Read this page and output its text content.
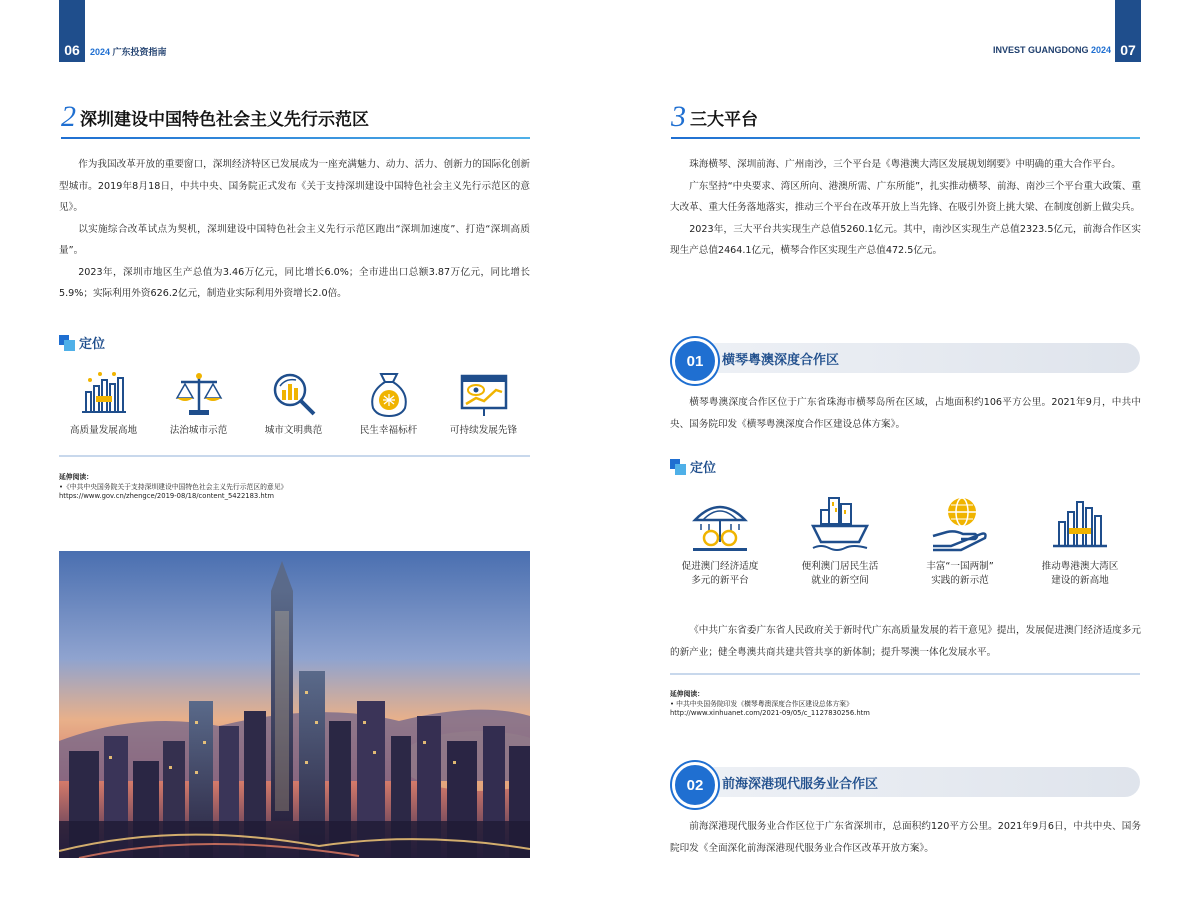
06	2024 广东投资指南	INVEST GUANGDONG 2024 07
2 深圳建设中国特色社会主义先行示范区

作为我国改革开放的重要窗口，深圳经济特区已发展成为一座充满魅力、动力、活力、创新力的国际化创新型城市。2019年8月18日，中共中央、国务院正式发布《关于支持深圳建设中国特色社会主义先行示范区的意见》。

以实施综合改革试点为契机，深圳建设中国特色社会主义先行示范区跑出“深圳加速度”、打造“深圳高质量”。

2023年，深圳市地区生产总值为3.46万亿元，同比增长6.0%；全市进出口总额3.87万亿元，同比增长5.9%；实际利用外资626.2亿元，制造业实际利用外资增长2.0倍。

定位
高质量发展高地	法治城市示范	城市文明典范	民生幸福标杆	可持续发展先锋
延伸阅读：
•《中共中央国务院关于支持深圳建设中国特色社会主义先行示范区的意见》
https://www.gov.cn/zhengce/2019-08/18/content_5422183.htm
3 三大平台

珠海横琴、深圳前海、广州南沙，三个平台是《粤港澳大湾区发展规划纲要》中明确的重大合作平台。

广东坚持“中央要求、湾区所向、港澳所需、广东所能”，扎实推动横琴、前海、南沙三个平台重大政策、重大改革、重大任务落地落实，推动三个平台在改革开放上当先锋、在吸引外资上挑大梁、在制度创新上做尖兵。

2023年，三大平台共实现生产总值5260.1亿元。其中，南沙区实现生产总值2323.5亿元，前海合作区实现生产总值2464.1亿元，横琴合作区实现生产总值472.5亿元。

01	横琴粤澳深度合作区

横琴粤澳深度合作区位于广东省珠海市横琴岛所在区域，占地面积约106平方公里。2021年9月，中共中央、国务院印发《横琴粤澳深度合作区建设总体方案》。

定位
促进澳门经济适度
多元的新平台
便利澳门居民生活
就业的新空间
丰富“一国两制”
实践的新示范
推动粤港澳大湾区
建设的新高地

《中共广东省委广东省人民政府关于新时代广东高质量发展的若干意见》提出，发展促进澳门经济适度多元的新产业；健全粤澳共商共建共管共享的新体制；提升琴澳一体化发展水平。

延伸阅读：
• 中共中央国务院印发《横琴粤澳深度合作区建设总体方案》
http://www.xinhuanet.com/2021-09/05/c_1127830256.htm
02	前海深港现代服务业合作区

前海深港现代服务业合作区位于广东省深圳市，总面积约120平方公里。2021年9月6日，中共中央、国务院印发《全面深化前海深港现代服务业合作区改革开放方案》。
